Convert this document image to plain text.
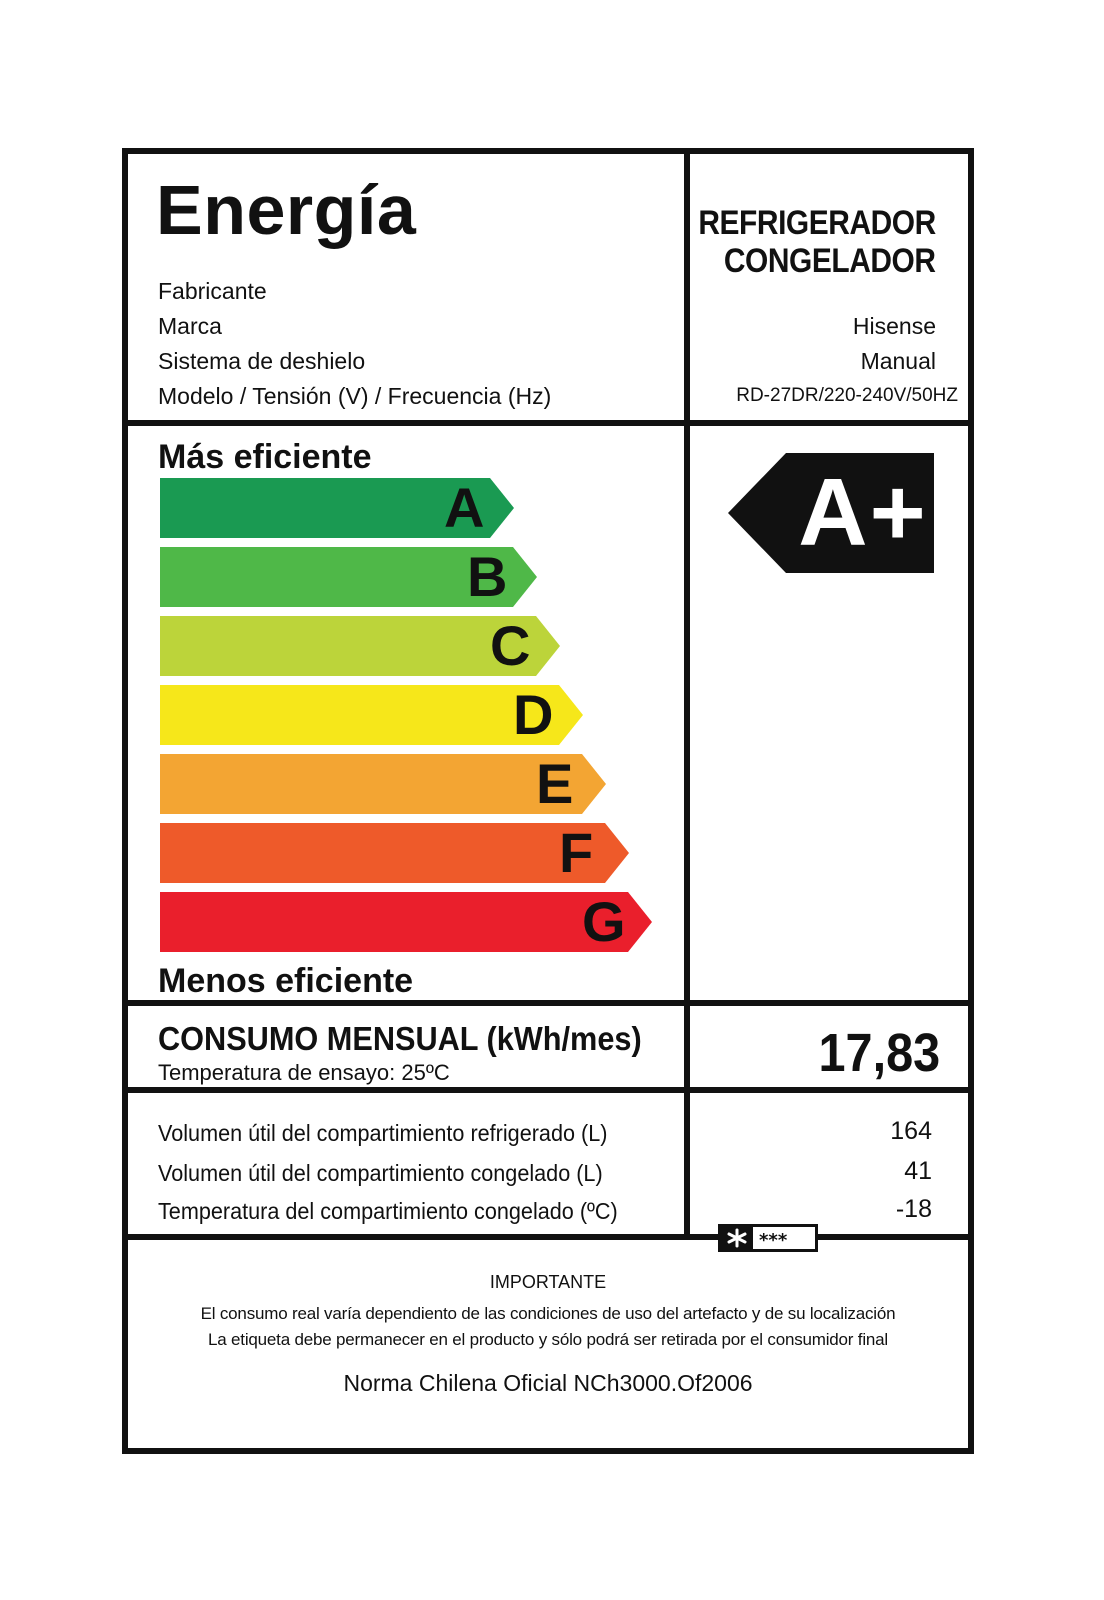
Energía	REFRIGERADOR
CONGELADOR
Fabricante
Marca
Sistema de deshielo
Modelo / Tensión (V) / Frecuencia (Hz)
Hisense
Manual
RD-27DR/220-240V/50HZ
Más eficiente
A
B
C
D
E
F
G
Menos eficiente
A+
CONSUMO MENSUAL (kWh/mes)
Temperatura de ensayo: 25ºC	17,83
Volumen útil del compartimiento refrigerado (L)
Volumen útil del compartimiento congelado (L)
Temperatura del compartimiento congelado (ºC)
164
41
-18
***
IMPORTANTE
El consumo real varía dependiento de las condiciones de uso del artefacto y de su localización
La etiqueta debe permanecer en el producto y sólo podrá ser retirada por el consumidor final
Norma Chilena Oficial NCh3000.Of2006
